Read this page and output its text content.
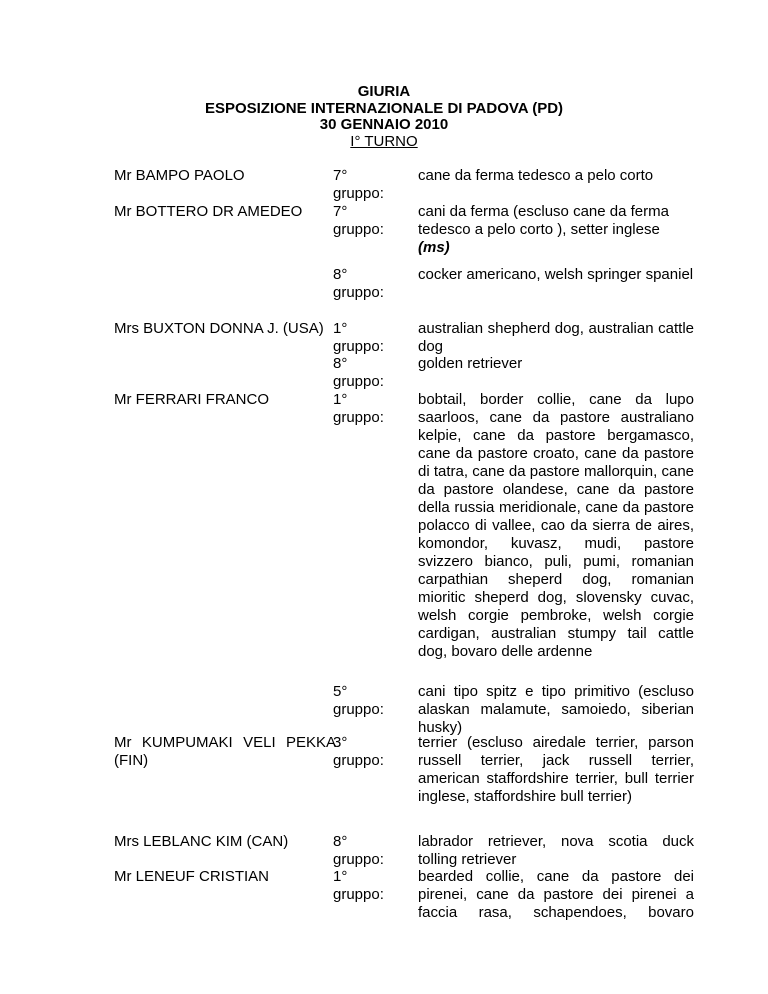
GIURIA
ESPOSIZIONE INTERNAZIONALE DI PADOVA (PD)
30 GENNAIO 2010
I° TURNO
Mr BAMPO PAOLO
Mr BOTTERO DR AMEDEO
Mrs BUXTON DONNA J. (USA)
Mr FERRARI FRANCO
Mr KUMPUMAKI VELI PEKKA
(FIN)
Mrs LEBLANC KIM (CAN)
Mr LENEUF CRISTIAN
7° gruppo:
7° gruppo:
8° gruppo:
1° gruppo:
8° gruppo:
1° gruppo:
5° gruppo:
3° gruppo:
8° gruppo:
1° gruppo:
cane da ferma tedesco a pelo corto
cani da ferma (escluso cane da ferma tedesco a pelo corto ), setter inglese (ms)
cocker americano, welsh springer spaniel
australian shepherd dog, australian cattle dog
golden retriever
bobtail, border collie, cane da lupo saarloos, cane da pastore australiano kelpie, cane da pastore bergamasco, cane da pastore croato, cane da pastore di tatra, cane da pastore mallorquin, cane da pastore olandese, cane da pastore della russia meridionale, cane da pastore polacco di vallee, cao da sierra de aires, komondor, kuvasz, mudi, pastore svizzero bianco, puli, pumi, romanian carpathian sheperd dog, romanian mioritic sheperd dog, slovensky cuvac, welsh corgie pembroke, welsh corgie cardigan, australian stumpy tail cattle dog, bovaro delle ardenne
cani tipo spitz e tipo primitivo (escluso alaskan malamute, samoiedo, siberian husky)
terrier (escluso airedale terrier, parson russell terrier, jack russell terrier, american staffordshire terrier, bull terrier inglese, staffordshire bull terrier)
labrador retriever, nova scotia duck tolling retriever
bearded collie, cane da pastore dei pirenei, cane da pastore dei pirenei a faccia rasa, schapendoes, bovaro
